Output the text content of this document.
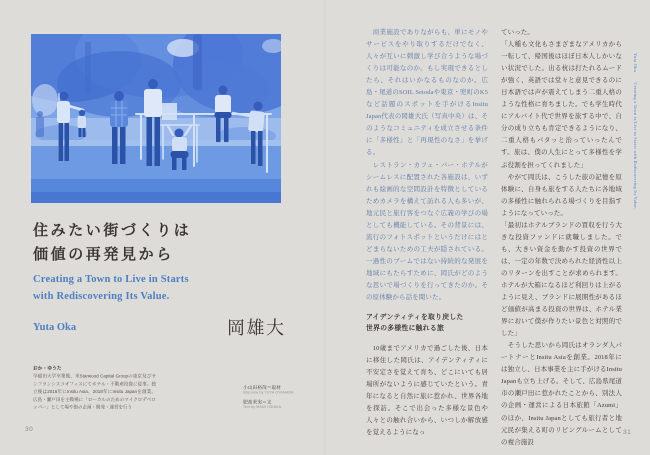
住みたい街づくりは
価値の再発見から

Creating a Town to Live in Starts
with Rediscovering Its Value.

Yuta Oka	岡雄大

おか・ゆうた

早稲田大学卒業後、米Starwood Capital Groupの東京及びサンフランシスコオフィスにてホテル・不動産投資に従事。独立後は2016年にInsitu Asia、2018年にInsitu Japanを創業。広島・瀬戸田を主戦場に「ローカルのためのマイクロデベロッパー」として場や街の企画・開発・運営を行う

小山田裕哉＝取材

Interview by YUYA OYAMADA

肥髙茉実＝文

Text by MAMI HIDAKA

30

　商業施設でありながらも、単にモノやサービスをやり取りするだけでなく、人々が互いに刺激し学び合うような場づくりは可能なのか。もし実現できるとしたら、それはいかなるものなのか。広島・尾道のSOIL Setodaや東京・兜町のK5など話題のスポットを手がけるInsitu Japan代表の岡雄大氏（写真中央）は、そのようなコミュニティを成立させる条件に「多様性」と「再現性のなさ」を挙げる。

　レストラン・カフェ・バー・ホテルがシームレスに配置された各施設は、いずれも絵画的な空間設計を特徴としているためカメラを構えて訪れる人も多いが、地元民と旅行客をつなぐ広義の学びの場としても機能している。その背景には、流行のフォトスポットというだけにはとどまらないための工夫が隠されている。一過性のブームではない持続的な発展を地域にもたらすために、岡氏がどのような思いで場づくりを行ってきたのか。その原体験から話を聞いた。

アイデンティティを取り戻した
世界の多様性に触れる旅

　10歳までアメリカで過ごした後、日本に移住した岡氏は、アイデンティティに不安定さを覚えて育ち、どこにいても居場所がないように感じていたという。青年になると自然に旅に惹かれ、世界各地を探訪。そこで出会った多様な景色や人々との触れ合いから、いつしか解放感を覚えるようになっ

ていった。

「人種も文化もさまざまなアメリカから一転して、帰国後はほぼ日本人しかいない状況でした。出る杭は打たれるムードが強く、英語では堂々と意見できるのに日本語では声が震えてしまう二重人格のような性格に育ちました。でも学生時代にアルバイト代で世界を旅する中で、自分の成り立ちも肯定できるようになり、二重人格もパタッと治っていったんです。旅は、僕の人生にとって多様性を学ぶ役割を担ってくれました」

　やがて岡氏は、こうした旅の記憶を原体験に、自身も旅をする人たちに各地域の多様性に触れられる場づくりを目指すようになっていった。

「最初はホテルブランドの買収を行う大きな投資ファンドに就職しました。でも、大きい資金を動かす投資の世界では、一定の年数で決められた経済性以上のリターンを出すことが求められます。ホテルが大箱になるほど利回りは上がるように見え、ブランドに展開性があるほど価値が高まる投資の世界は、ホテル業界において僕が作りたい景色と対照的でした」

　そうした思いから岡氏はオランダ人パートナーとInsitu Asiaを創業。2018年には独立し、日本事業を主に手がけるInsitu Japanも立ち上げる。そして、広島県尾道市の瀬戸田に惹かれたことから、別法人の企画・運営による日本旅館「Azumi」のほか、Insitu Japanとしても旅行者と地元民が集える町のリビングルームとしての複合施設

Yuta Oka Creating a Town to Live in Starts with Rediscovering Its Value.
31
